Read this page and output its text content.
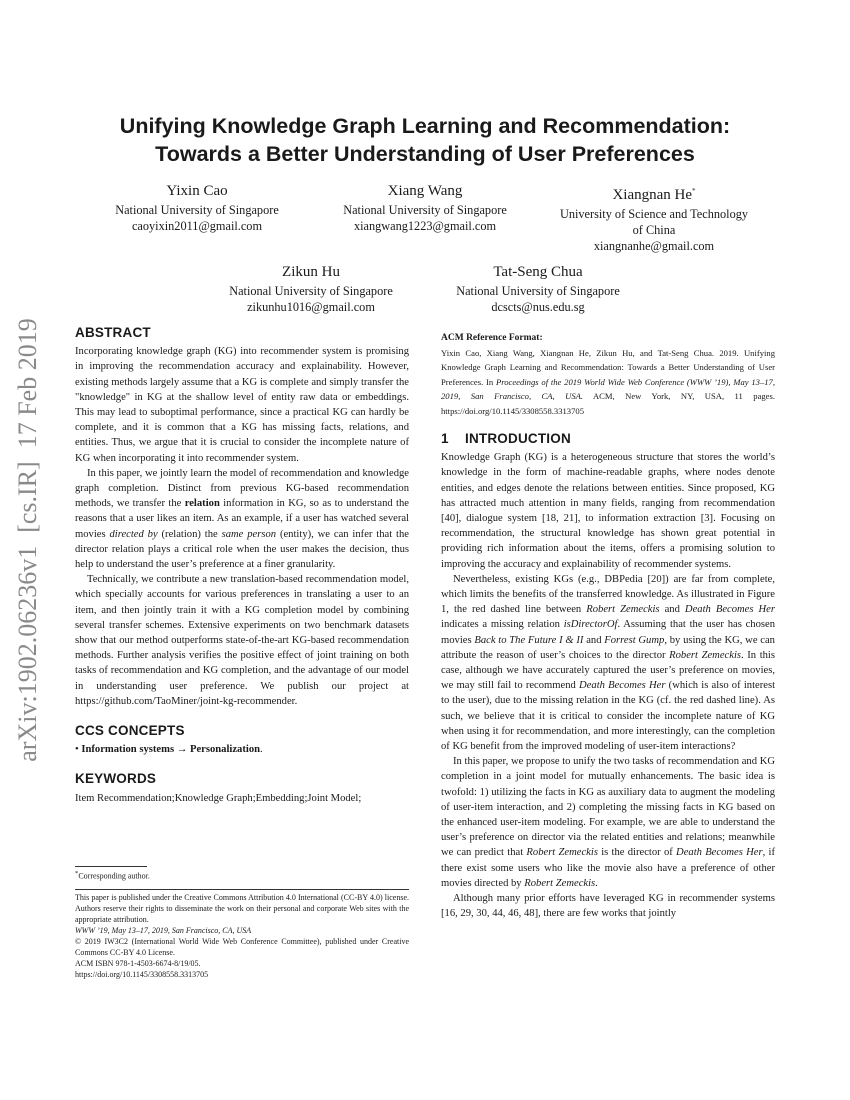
arXiv:1902.06236v1  [cs.IR]  17 Feb 2019
Unifying Knowledge Graph Learning and Recommendation:
Towards a Better Understanding of User Preferences
Yixin Cao
National University of Singapore
caoyixin2011@gmail.com
Xiang Wang
National University of Singapore
xiangwang1223@gmail.com
Xiangnan He*
University of Science and Technology
of China
xiangnanhe@gmail.com
Zikun Hu
National University of Singapore
zikunhu1016@gmail.com
Tat-Seng Chua
National University of Singapore
dcscts@nus.edu.sg
ABSTRACT

Incorporating knowledge graph (KG) into recommender system is promising in improving the recommendation accuracy and explainability. However, existing methods largely assume that a KG is complete and simply transfer the "knowledge" in KG at the shallow level of entity raw data or embeddings. This may lead to suboptimal performance, since a practical KG can hardly be complete, and it is common that a KG has missing facts, relations, and entities. Thus, we argue that it is crucial to consider the incomplete nature of KG when incorporating it into recommender system.

In this paper, we jointly learn the model of recommendation and knowledge graph completion. Distinct from previous KG-based recommendation methods, we transfer the relation information in KG, so as to understand the reasons that a user likes an item. As an example, if a user has watched several movies directed by (relation) the same person (entity), we can infer that the director relation plays a critical role when the user makes the decision, thus help to understand the user’s preference at a finer granularity.

Technically, we contribute a new translation-based recommendation model, which specially accounts for various preferences in translating a user to an item, and then jointly train it with a KG completion model by combining several transfer schemes. Extensive experiments on two benchmark datasets show that our method outperforms state-of-the-art KG-based recommendation methods. Further analysis verifies the positive effect of joint training on both tasks of recommendation and KG completion, and the advantage of our model in understanding user preference. We publish our project at https://github.com/TaoMiner/joint-kg-recommender.

CCS CONCEPTS

• Information systems → Personalization.

KEYWORDS

Item Recommendation;Knowledge Graph;Embedding;Joint Model;

*Corresponding author.

This paper is published under the Creative Commons Attribution 4.0 International (CC-BY 4.0) license. Authors reserve their rights to disseminate the work on their personal and corporate Web sites with the appropriate attribution.

WWW ’19, May 13–17, 2019, San Francisco, CA, USA

© 2019 IW3C2 (International World Wide Web Conference Committee), published under Creative Commons CC-BY 4.0 License.

ACM ISBN 978-1-4503-6674-8/19/05.

https://doi.org/10.1145/3308558.3313705

ACM Reference Format:
Yixin Cao, Xiang Wang, Xiangnan He, Zikun Hu, and Tat-Seng Chua. 2019. Unifying Knowledge Graph Learning and Recommendation: Towards a Better Understanding of User Preferences. In Proceedings of the 2019 World Wide Web Conference (WWW ’19), May 13–17, 2019, San Francisco, CA, USA. ACM, New York, NY, USA, 11 pages. https://doi.org/10.1145/3308558.3313705
1 INTRODUCTION

Knowledge Graph (KG) is a heterogeneous structure that stores the world’s knowledge in the form of machine-readable graphs, where nodes denote entities, and edges denote the relations between entities. Since proposed, KG has attracted much attention in many fields, ranging from recommendation [40], dialogue system [18, 21], to information extraction [3]. Focusing on recommendation, the structural knowledge has shown great potential in providing rich information about the items, offers a promising solution to improving the accuracy and explainability of recommender systems.

Nevertheless, existing KGs (e.g., DBPedia [20]) are far from complete, which limits the benefits of the transferred knowledge. As illustrated in Figure 1, the red dashed line between Robert Zemeckis and Death Becomes Her indicates a missing relation isDirectorOf. Assuming that the user has chosen movies Back to The Future I & II and Forrest Gump, by using the KG, we can attribute the reason of user’s choices to the director Robert Zemeckis. In this case, although we have accurately captured the user’s preference on movies, we may still fail to recommend Death Becomes Her (which is also of interest to the user), due to the missing relation in the KG (cf. the red dashed line). As such, we believe that it is critical to consider the incomplete nature of KG when using it for recommendation, and more interestingly, can the completion of KG benefit from the improved modeling of user-item interactions?

In this paper, we propose to unify the two tasks of recommendation and KG completion in a joint model for mutually enhancements. The basic idea is twofold: 1) utilizing the facts in KG as auxiliary data to augment the modeling of user-item interaction, and 2) completing the missing facts in KG based on the enhanced user-item modeling. For example, we are able to understand the user’s preference on director via the related entities and relations; meanwhile we can predict that Robert Zemeckis is the director of Death Becomes Her, if there exist some users who like the movie also have a preference of other movies directed by Robert Zemeckis.

Although many prior efforts have leveraged KG in recommender systems [16, 29, 30, 44, 46, 48], there are few works that jointly
